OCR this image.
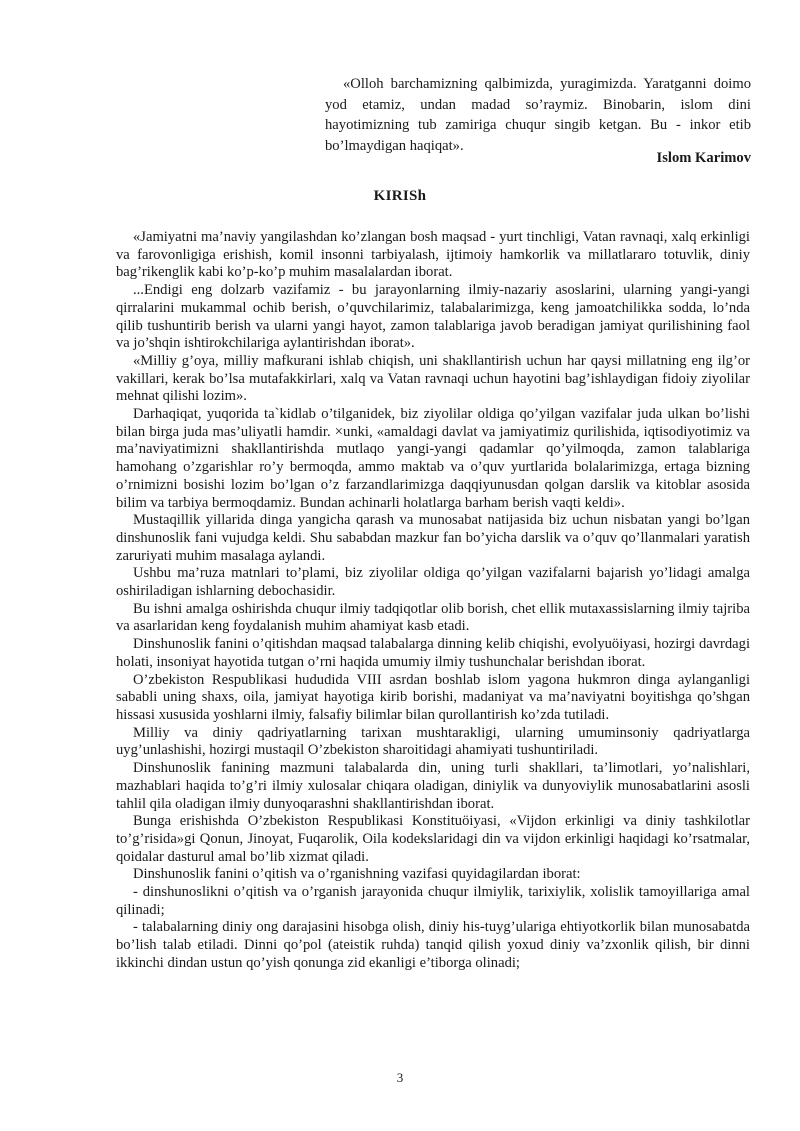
«Olloh barchamizning qalbimizda, yuragimizda. Yaratganni doimo yod etamiz, undan madad so’raymiz. Binobarin, islom dini hayotimizning tub zamiriga chuqur singib ketgan. Bu - inkor etib bo’lmaydigan haqiqat».

Islom Karimov
KIRISh

«Jamiyatni ma’naviy yangilashdan ko’zlangan bosh maqsad - yurt tinchligi, Vatan ravnaqi, xalq erkinligi va farovonligiga erishish, komil insonni tarbiyalash, ijtimoiy hamkorlik va millatlararo totuvlik, diniy bag’rikenglik kabi ko’p-ko’p muhim masalalardan iborat.

...Endigi eng dolzarb vazifamiz - bu jarayonlarning ilmiy-nazariy asoslarini, ularning yangi-yangi qirralarini mukammal ochib berish, o’quvchilarimiz, talabalarimizga, keng jamoatchilikka sodda, lo’nda qilib tushuntirib berish va ularni yangi hayot, zamon talablariga javob beradigan jamiyat qurilishining faol va jo’shqin ishtirokchilariga aylantirishdan iborat».

«Milliy g’oya, milliy mafkurani ishlab chiqish, uni shakllantirish uchun har qaysi millatning eng ilg’or vakillari, kerak bo’lsa mutafakkirlari, xalq va Vatan ravnaqi uchun hayotini bag’ishlaydigan fidoiy ziyolilar mehnat qilishi lozim».

Darhaqiqat, yuqorida ta`kidlab o’tilganidek, biz ziyolilar oldiga qo’yilgan vazifalar juda ulkan bo’lishi bilan birga juda mas’uliyatli hamdir. ×unki, «amaldagi davlat va jamiyatimiz qurilishida, iqtisodiyotimiz va ma’naviyatimizni shakllantirishda mutlaqo yangi-yangi qadamlar qo’yilmoqda, zamon talablariga hamohang o’zgarishlar ro’y bermoqda, ammo maktab va o’quv yurtlarida bolalarimizga, ertaga bizning o’rnimizni bosishi lozim bo’lgan o’z farzandlarimizga daqqiyunusdan qolgan darslik va kitoblar asosida bilim va tarbiya bermoqdamiz. Bundan achinarli holatlarga barham berish vaqti keldi».

Mustaqillik yillarida dinga yangicha qarash va munosabat natijasida biz uchun nisbatan yangi bo’lgan dinshunoslik fani vujudga keldi. Shu sababdan mazkur fan bo’yicha darslik va o’quv qo’llanmalari yaratish zaruriyati muhim masalaga aylandi.

Ushbu ma’ruza matnlari to’plami, biz ziyolilar oldiga qo’yilgan vazifalarni bajarish yo’lidagi amalga oshiriladigan ishlarning debochasidir.

Bu ishni amalga oshirishda chuqur ilmiy tadqiqotlar olib borish, chet ellik mutaxassislarning ilmiy tajriba va asarlaridan keng foydalanish muhim ahamiyat kasb etadi.

Dinshunoslik fanini o’qitishdan maqsad talabalarga dinning kelib chiqishi, evolyuöiyasi, hozirgi davrdagi holati, insoniyat hayotida tutgan o’rni haqida umumiy ilmiy tushunchalar berishdan iborat.

O’zbekiston Respublikasi hududida VIII asrdan boshlab islom yagona hukmron dinga aylanganligi sababli uning shaxs, oila, jamiyat hayotiga kirib borishi, madaniyat va ma’naviyatni boyitishga qo’shgan hissasi xususida yoshlarni ilmiy, falsafiy bilimlar bilan qurollantirish ko’zda tutiladi.

Milliy va diniy qadriyatlarning tarixan mushtarakligi, ularning umuminsoniy qadriyatlarga uyg’unlashishi, hozirgi mustaqil O’zbekiston sharoitidagi ahamiyati tushuntiriladi.

Dinshunoslik fanining mazmuni talabalarda din, uning turli shakllari, ta’limotlari, yo’nalishlari, mazhablari haqida to’g’ri ilmiy xulosalar chiqara oladigan, diniylik va dunyoviylik munosabatlarini asosli tahlil qila oladigan ilmiy dunyoqarashni shakllantirishdan iborat.

Bunga erishishda O’zbekiston Respublikasi Konstituöiyasi, «Vijdon erkinligi va diniy tashkilotlar to’g’risida»gi Qonun, Jinoyat, Fuqarolik, Oila kodekslaridagi din va vijdon erkinligi haqidagi ko’rsatmalar, qoidalar dasturul amal bo’lib xizmat qiladi.

Dinshunoslik fanini o’qitish va o’rganishning vazifasi quyidagilardan iborat:

- dinshunoslikni o’qitish va o’rganish jarayonida chuqur ilmiylik, tarixiylik, xolislik tamoyillariga amal qilinadi;

- talabalarning diniy ong darajasini hisobga olish, diniy his-tuyg’ulariga ehtiyotkorlik bilan munosabatda bo’lish talab etiladi. Dinni qo’pol (ateistik ruhda) tanqid qilish yoxud diniy va’zxonlik qilish, bir dinni ikkinchi dindan ustun qo’yish qonunga zid ekanligi e’tiborga olinadi;

3
